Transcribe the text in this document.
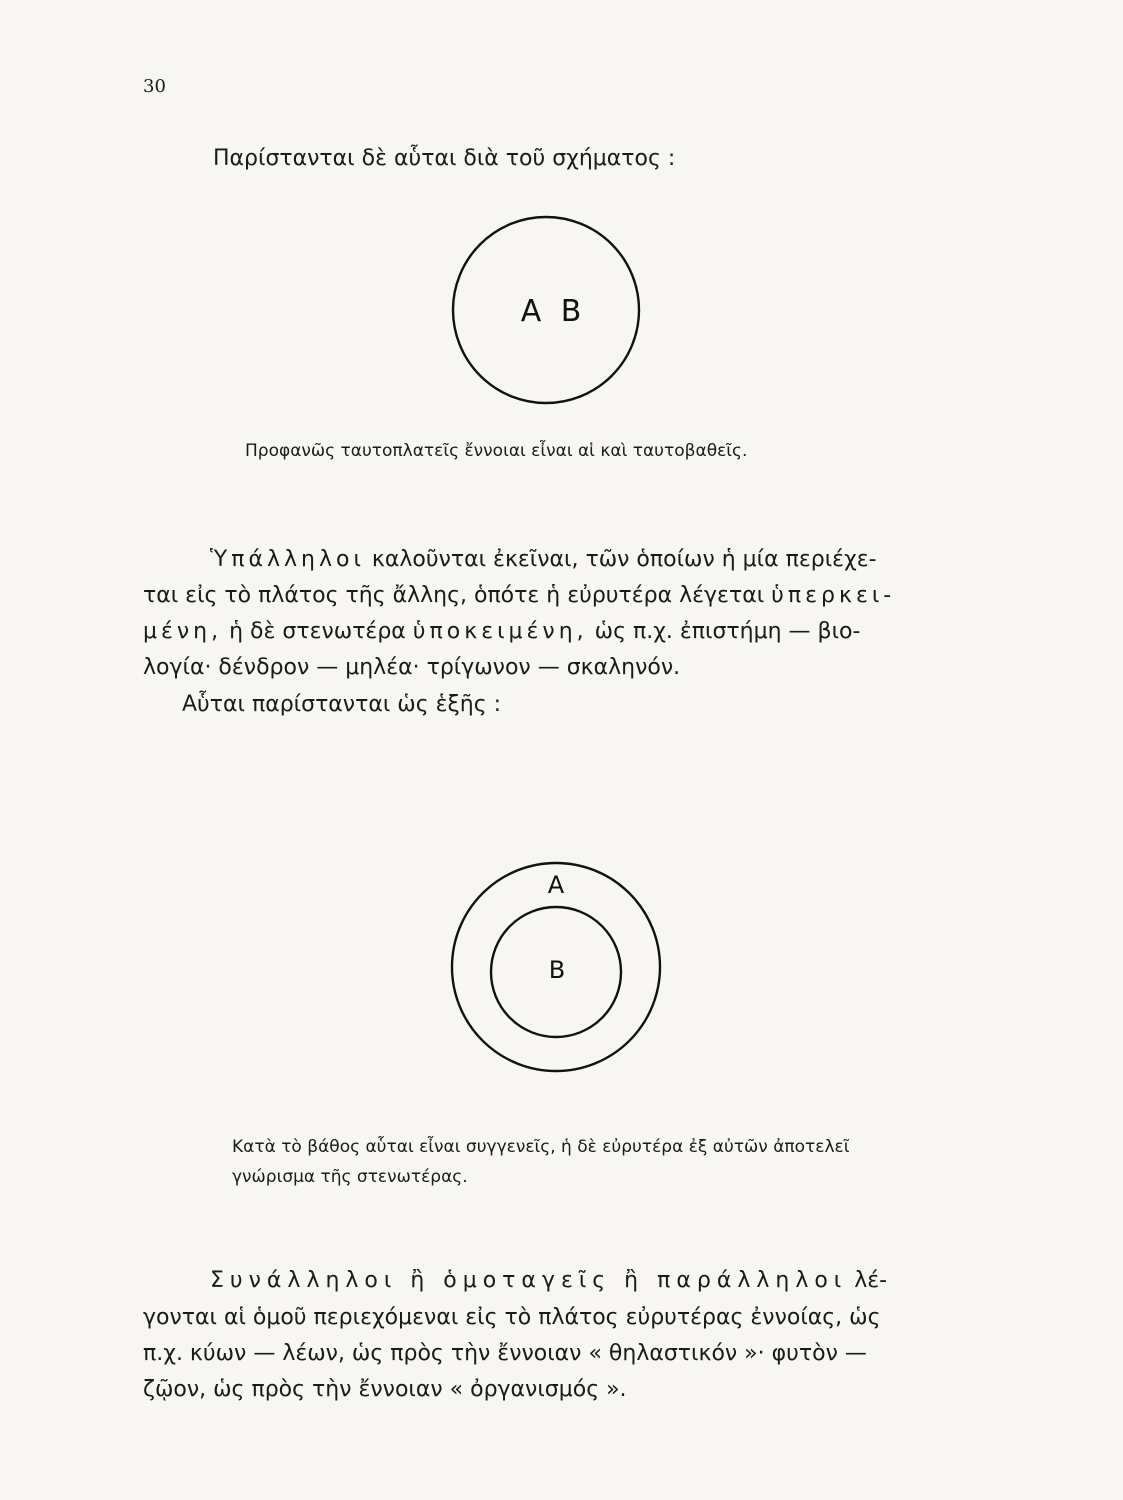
30
Παρίστανται δὲ αὗται διὰ τοῦ σχήματος :
A B
A
B
Προφανῶς ταυτοπλατεῖς ἔννοιαι εἶναι αἱ καὶ ταυτοβαθεῖς.
Ὑπάλληλοι καλοῦνται ἐκεῖναι, τῶν ὁποίων ἡ μία περιέχε-
ται εἰς τὸ πλάτος τῆς ἄλλης, ὁπότε ἡ εὐρυτέρα λέγεται ὑπερκει-
μένη, ἡ δὲ στενωτέρα ὑποκειμένη, ὡς π.χ. ἐπιστήμη — βιο-
λογία· δένδρον — μηλέα· τρίγωνον — σκαληνόν.
Αὗται παρίστανται ὡς ἑξῆς :
Κατὰ τὸ βάθος αὗται εἶναι συγγενεῖς, ἡ δὲ εὐρυτέρα ἐξ αὐτῶν ἀποτελεῖ
γνώρισμα τῆς στενωτέρας.
Συνάλληλοι ἢ ὁμοταγεῖς ἢ παράλληλοι λέ-
γονται αἱ ὁμοῦ περιεχόμεναι εἰς τὸ πλάτος εὐρυτέρας ἐννοίας, ὡς
π.χ. κύων — λέων, ὡς πρὸς τὴν ἔννοιαν « θηλαστικόν »· φυτὸν —
ζῷον, ὡς πρὸς τὴν ἔννοιαν « ὀργανισμός ».
